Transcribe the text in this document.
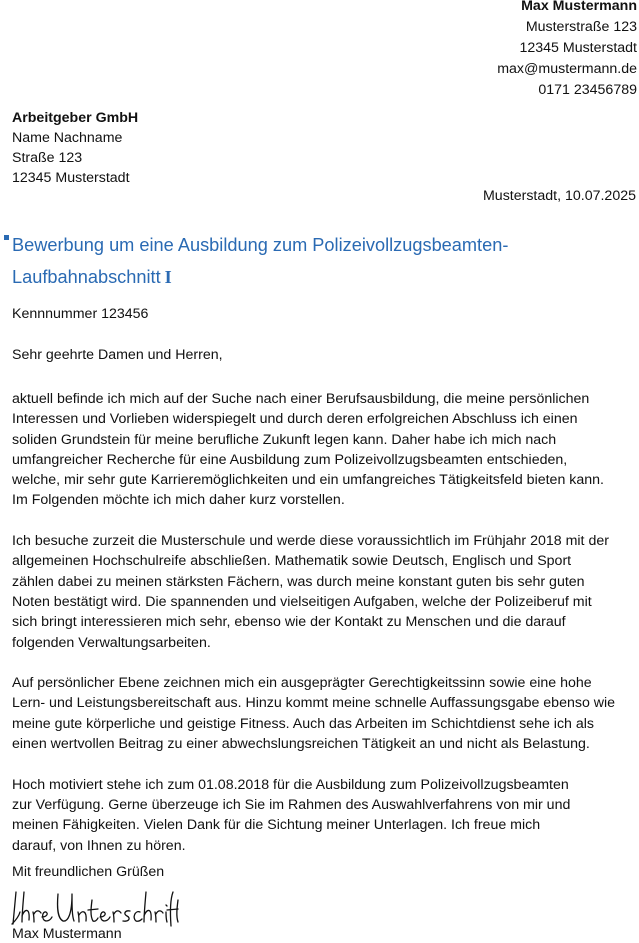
Max Mustermann
Musterstraße 123
12345 Musterstadt
max@mustermann.de
0171 23456789
Arbeitgeber GmbH
Name Nachname
Straße 123
12345 Musterstadt
Musterstadt, 10.07.2025
Bewerbung um eine Ausbildung zum Polizeivollzugsbeamten-
Laufbahnabschnitt I
Kennnummer 123456
Sehr geehrte Damen und Herren,

aktuell befinde ich mich auf der Suche nach einer Berufsausbildung, die meine persönlichen
Interessen und Vorlieben widerspiegelt und durch deren erfolgreichen Abschluss ich einen
soliden Grundstein für meine berufliche Zukunft legen kann. Daher habe ich mich nach
umfangreicher Recherche für eine Ausbildung zum Polizeivollzugsbeamten entschieden,
welche, mir sehr gute Karrieremöglichkeiten und ein umfangreiches Tätigkeitsfeld bieten kann.
Im Folgenden möchte ich mich daher kurz vorstellen.

Ich besuche zurzeit die Musterschule und werde diese voraussichtlich im Frühjahr 2018 mit der
allgemeinen Hochschulreife abschließen. Mathematik sowie Deutsch, Englisch und Sport
zählen dabei zu meinen stärksten Fächern, was durch meine konstant guten bis sehr guten
Noten bestätigt wird. Die spannenden und vielseitigen Aufgaben, welche der Polizeiberuf mit
sich bringt interessieren mich sehr, ebenso wie der Kontakt zu Menschen und die darauf
folgenden Verwaltungsarbeiten.

Auf persönlicher Ebene zeichnen mich ein ausgeprägter Gerechtigkeitssinn sowie eine hohe
Lern- und Leistungsbereitschaft aus. Hinzu kommt meine schnelle Auffassungsgabe ebenso wie
meine gute körperliche und geistige Fitness. Auch das Arbeiten im Schichtdienst sehe ich als
einen wertvollen Beitrag zu einer abwechslungsreichen Tätigkeit an und nicht als Belastung.

Hoch motiviert stehe ich zum 01.08.2018 für die Ausbildung zum Polizeivollzugsbeamten
zur Verfügung. Gerne überzeuge ich Sie im Rahmen des Auswahlverfahrens von mir und
meinen Fähigkeiten. Vielen Dank für die Sichtung meiner Unterlagen. Ich freue mich
darauf, von Ihnen zu hören.

Mit freundlichen Grüßen
Max Mustermann
